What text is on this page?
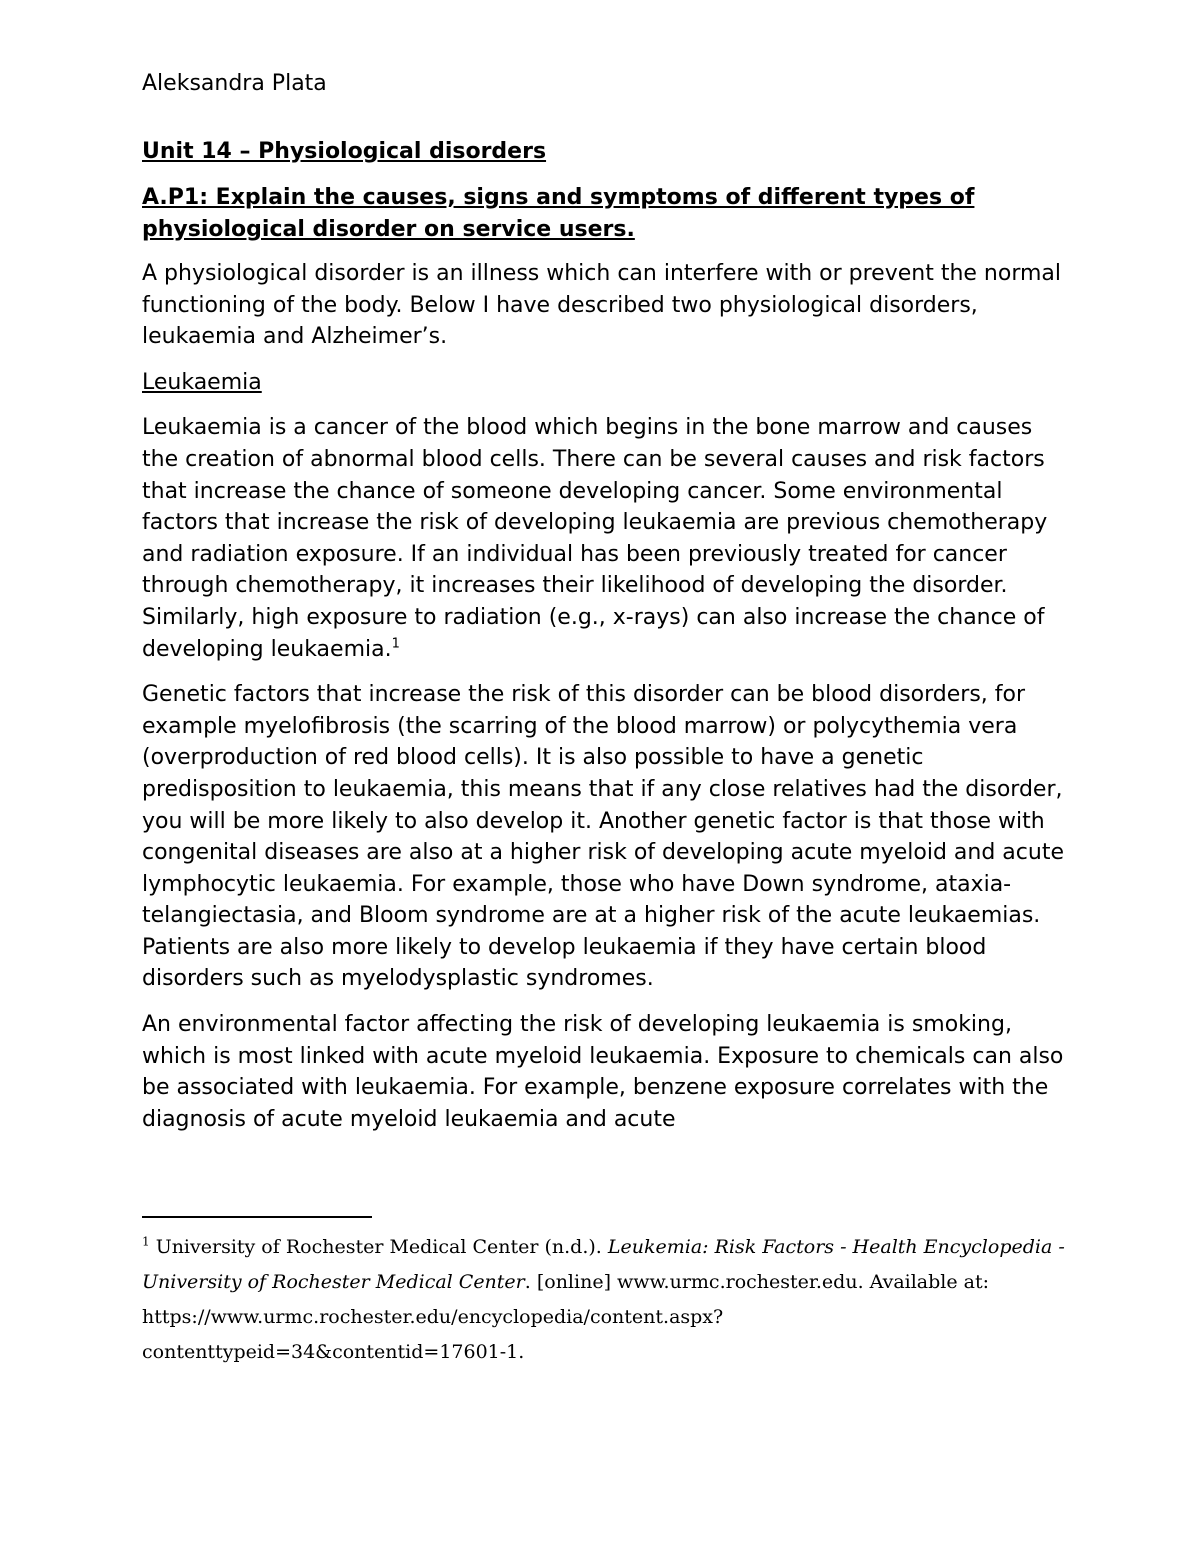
Aleksandra Plata

Unit 14 – Physiological disorders

A.P1: Explain the causes, signs and symptoms of different types of physiological disorder on service users.

A physiological disorder is an illness which can interfere with or prevent the normal functioning of the body. Below I have described two physiological disorders, leukaemia and Alzheimer’s.

Leukaemia

Leukaemia is a cancer of the blood which begins in the bone marrow and causes the creation of abnormal blood cells. There can be several causes and risk factors that increase the chance of someone developing cancer. Some environmental factors that increase the risk of developing leukaemia are previous chemotherapy and radiation exposure. If an individual has been previously treated for cancer through chemotherapy, it increases their likelihood of developing the disorder. Similarly, high exposure to radiation (e.g., x-rays) can also increase the chance of developing leukaemia.$^1$

Genetic factors that increase the risk of this disorder can be blood disorders, for example myelofibrosis (the scarring of the blood marrow) or polycythemia vera (overproduction of red blood cells). It is also possible to have a genetic predisposition to leukaemia, this means that if any close relatives had the disorder, you will be more likely to also develop it. Another genetic factor is that those with congenital diseases are also at a higher risk of developing acute myeloid and acute lymphocytic leukaemia. For example, those who have Down syndrome, ataxia-telangiectasia, and Bloom syndrome are at a higher risk of the acute leukaemias. Patients are also more likely to develop leukaemia if they have certain blood disorders such as myelodysplastic syndromes.

An environmental factor affecting the risk of developing leukaemia is smoking, which is most linked with acute myeloid leukaemia. Exposure to chemicals can also be associated with leukaemia. For example, benzene exposure correlates with the diagnosis of acute myeloid leukaemia and acute

$^1$ University of Rochester Medical Center (n.d.). Leukemia: Risk Factors - Health Encyclopedia - University of Rochester Medical Center. [online] www.urmc.rochester.edu. Available at: https://www.urmc.rochester.edu/encyclopedia/content.aspx? contenttypeid=34&contentid=17601-1.
